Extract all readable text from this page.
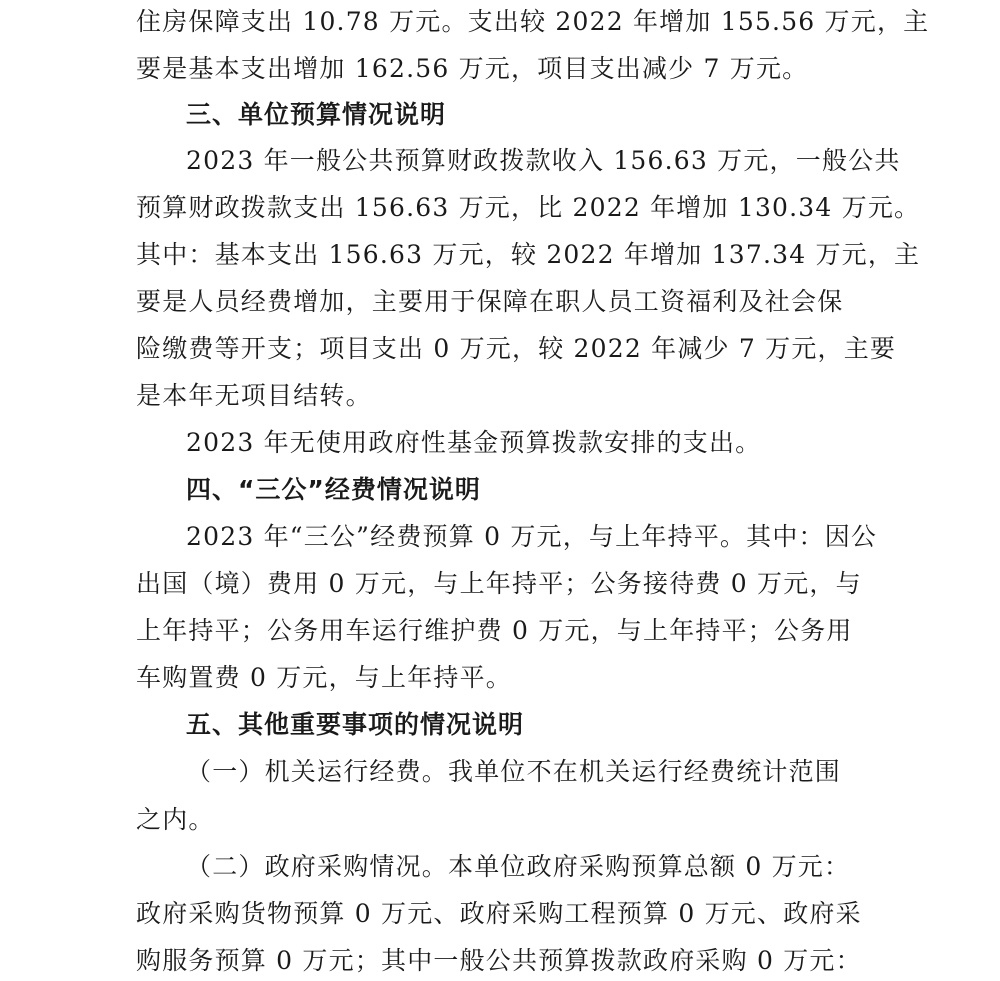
住房保障支出 10.78 万元。支出较 2022 年增加 155.56 万元，主
要是基本支出增加 162.56 万元，项目支出减少 7 万元。
三、单位预算情况说明
2023 年一般公共预算财政拨款收入 156.63 万元，一般公共
预算财政拨款支出 156.63 万元，比 2022 年增加 130.34 万元。
其中：基本支出 156.63 万元，较 2022 年增加 137.34 万元，主
要是人员经费增加，主要用于保障在职人员工资福利及社会保
险缴费等开支；项目支出 0 万元，较 2022 年减少 7 万元，主要
是本年无项目结转。
2023 年无使用政府性基金预算拨款安排的支出。
四、“三公”经费情况说明
2023 年“三公”经费预算 0 万元，与上年持平。其中：因公
出国（境）费用 0 万元，与上年持平；公务接待费 0 万元，与
上年持平；公务用车运行维护费 0 万元，与上年持平；公务用
车购置费 0 万元，与上年持平。
五、其他重要事项的情况说明
（一）机关运行经费。我单位不在机关运行经费统计范围
之内。
（二）政府采购情况。本单位政府采购预算总额 0 万元：
政府采购货物预算 0 万元、政府采购工程预算 0 万元、政府采
购服务预算 0 万元；其中一般公共预算拨款政府采购 0 万元：
